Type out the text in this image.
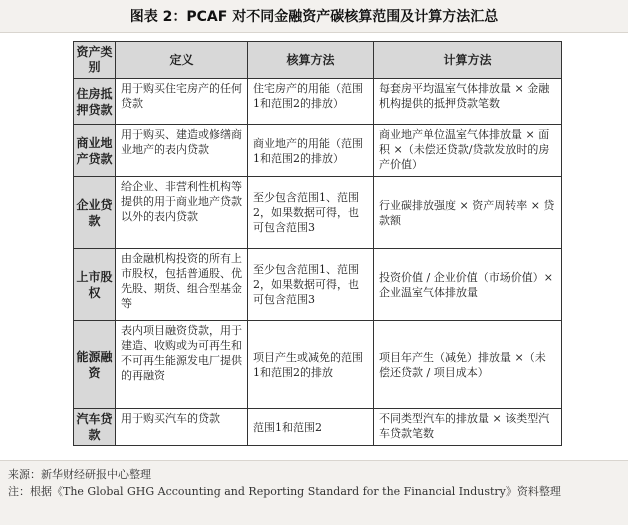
图表 2：PCAF 对不同金融资产碳核算范围及计算方法汇总
资产类别	定义	核算方法	计算方法
住房抵押贷款	用于购买住宅房产的任何贷款	住宅房产的用能（范围1和范围2的排放）	每套房平均温室气体排放量 × 金融机构提供的抵押贷款笔数
商业地产贷款	用于购买、建造或修缮商业地产的表内贷款	商业地产的用能（范围1和范围2的排放）	商业地产单位温室气体排放量 × 面积 ×（未偿还贷款/贷款发放时的房产价值）
企业贷款	给企业、非营利性机构等提供的用于商业地产贷款以外的表内贷款	至少包含范围1、范围2，如果数据可得，也可包含范围3	行业碳排放强度 × 资产周转率 × 贷款额
上市股权	由金融机构投资的所有上市股权，包括普通股、优先股、期货、组合型基金等	至少包含范围1、范围2，如果数据可得，也可包含范围3	投资价值 / 企业价值（市场价值）× 企业温室气体排放量
能源融资	表内项目融资贷款，用于建造、收购或为可再生和不可再生能源发电厂提供的再融资	项目产生或减免的范围1和范围2的排放	项目年产生（减免）排放量 ×（未偿还贷款 / 项目成本）
汽车贷款	用于购买汽车的贷款	范围1和范围2	不同类型汽车的排放量 × 该类型汽车贷款笔数
来源：新华财经研报中心整理
注：根据《The Global GHG Accounting and Reporting Standard for the Financial Industry》资料整理
